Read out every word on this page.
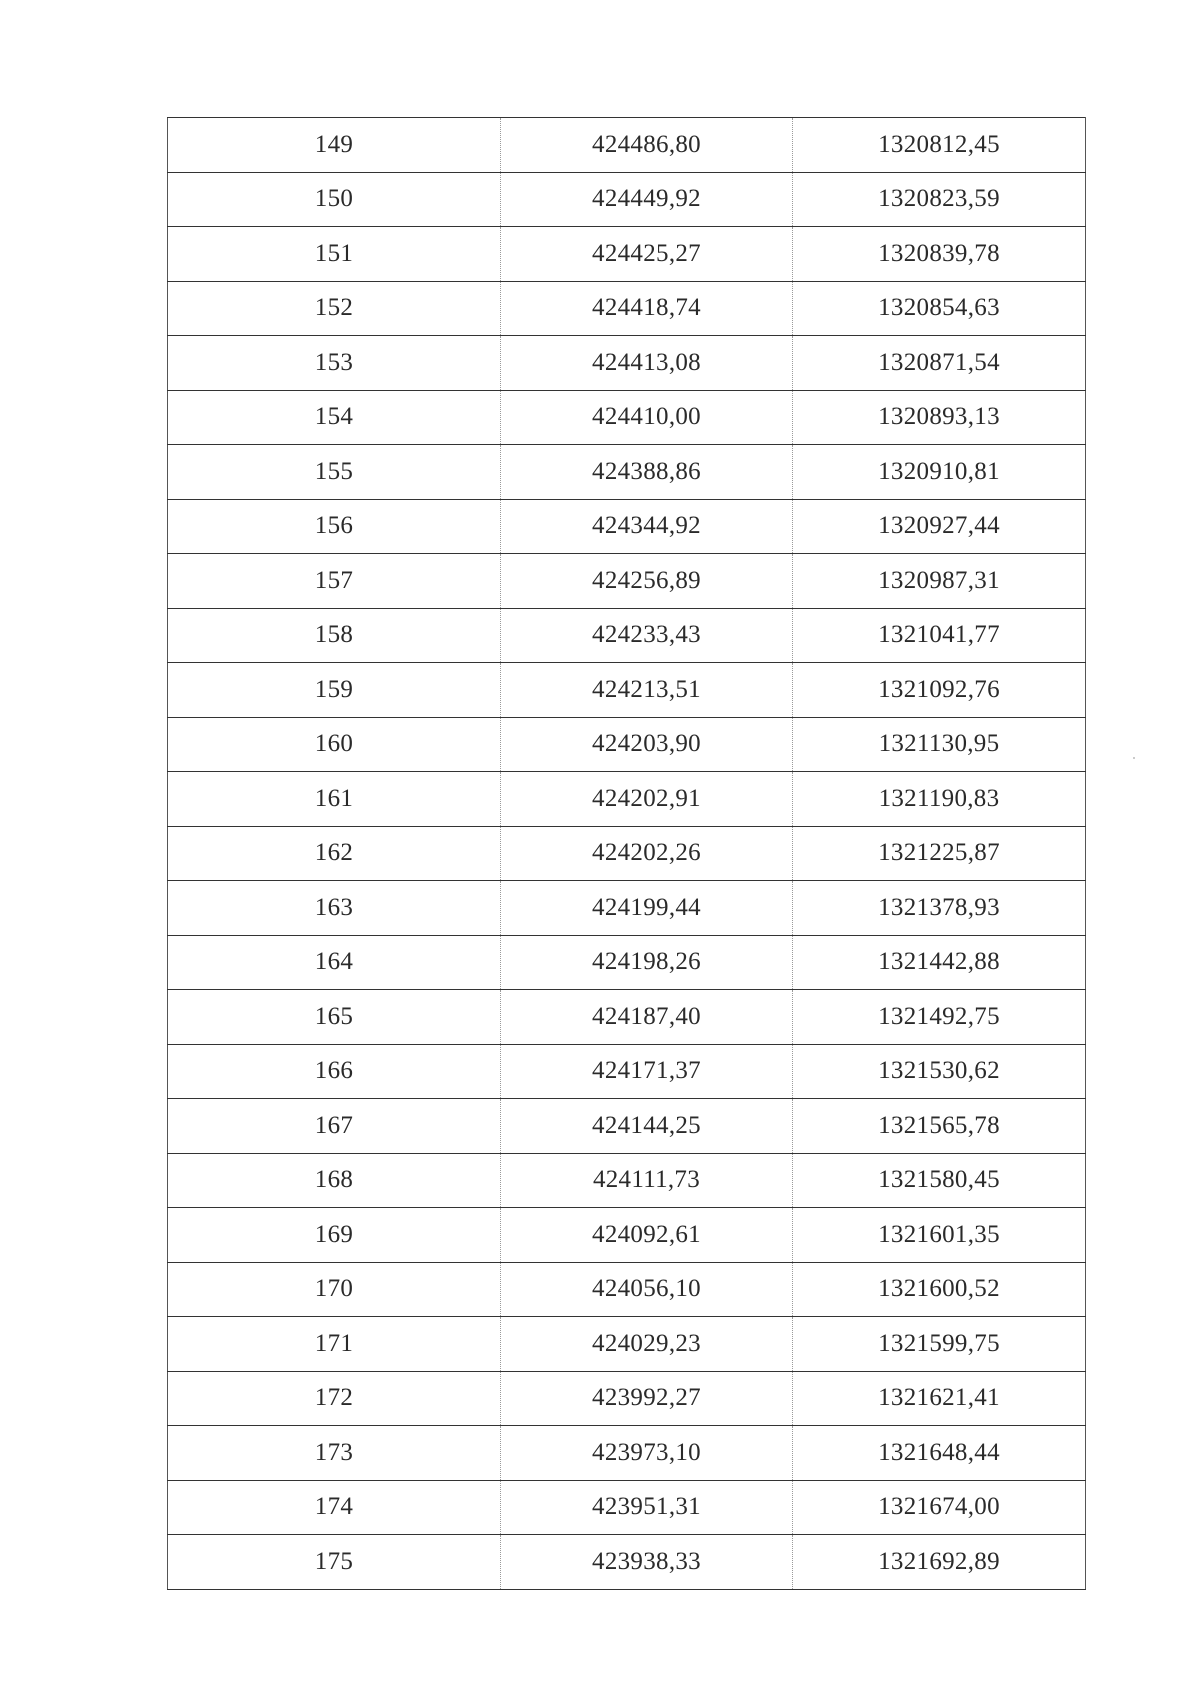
149	424486,80	1320812,45
150	424449,92	1320823,59
151	424425,27	1320839,78
152	424418,74	1320854,63
153	424413,08	1320871,54
154	424410,00	1320893,13
155	424388,86	1320910,81
156	424344,92	1320927,44
157	424256,89	1320987,31
158	424233,43	1321041,77
159	424213,51	1321092,76
160	424203,90	1321130,95
161	424202,91	1321190,83
162	424202,26	1321225,87
163	424199,44	1321378,93
164	424198,26	1321442,88
165	424187,40	1321492,75
166	424171,37	1321530,62
167	424144,25	1321565,78
168	424111,73	1321580,45
169	424092,61	1321601,35
170	424056,10	1321600,52
171	424029,23	1321599,75
172	423992,27	1321621,41
173	423973,10	1321648,44
174	423951,31	1321674,00
175	423938,33	1321692,89
